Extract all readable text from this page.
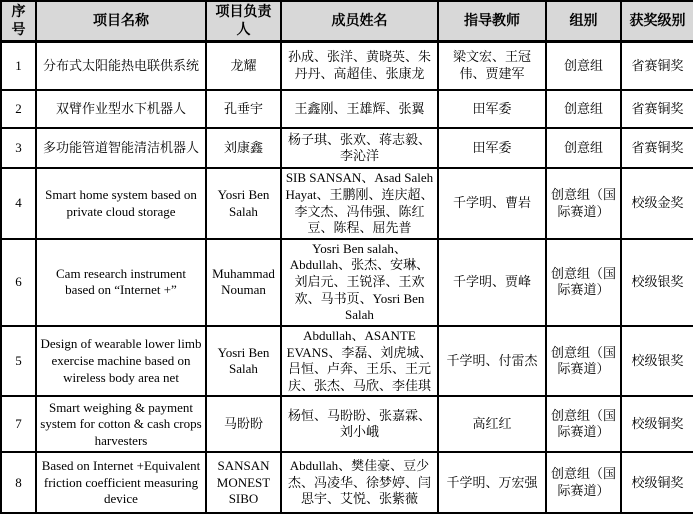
序号	项目名称	项目负责人	成员姓名	指导教师	组别	获奖级别
1	分布式太阳能热电联供系统	龙耀	孙成、张洋、黄晓英、朱丹丹、高超佳、张康龙	梁文宏、王冠伟、贾建军	创意组	省赛铜奖
2	双臂作业型水下机器人	孔垂宇	王鑫刚、王雄辉、张翼	田军委	创意组	省赛铜奖
3	多功能管道智能清洁机器人	刘康鑫	杨子琪、张欢、蒋志毅、李沁洋	田军委	创意组	省赛铜奖
4	Smart home system based on private cloud storage	Yosri Ben Salah	SIB SANSAN、Asad Saleh Hayat、王鹏刚、连庆超、李文杰、冯伟强、陈红豆、陈程、屈先普	千学明、曹岩	创意组（国际赛道）	校级金奖
6	Cam research instrument based on “Internet +”	Muhammad Nouman	Yosri Ben salah、Abdullah、张杰、安琳、刘启元、王锐泽、王欢欢、马书页、Yosri Ben Salah	千学明、贾峰	创意组（国际赛道）	校级银奖
5	Design of wearable lower limb exercise machine based on wireless body area net	Yosri Ben Salah	Abdullah、ASANTE EVANS、李磊、刘虎城、吕恒、卢奔、王乐、王元庆、张杰、马欣、李佳琪	千学明、付雷杰	创意组（国际赛道）	校级银奖
7	Smart weighing & payment system for cotton & cash crops harvesters	马盼盼	杨恒、马盼盼、张嘉霖、刘小峨	高红红	创意组（国际赛道）	校级铜奖
8	Based on Internet +Equivalent friction coefficient measuring device	SANSAN MONEST SIBO	Abdullah、樊佳豪、豆少杰、冯凌华、徐梦婷、闫思宇、艾悦、张紫薇	千学明、万宏强	创意组（国际赛道）	校级铜奖
